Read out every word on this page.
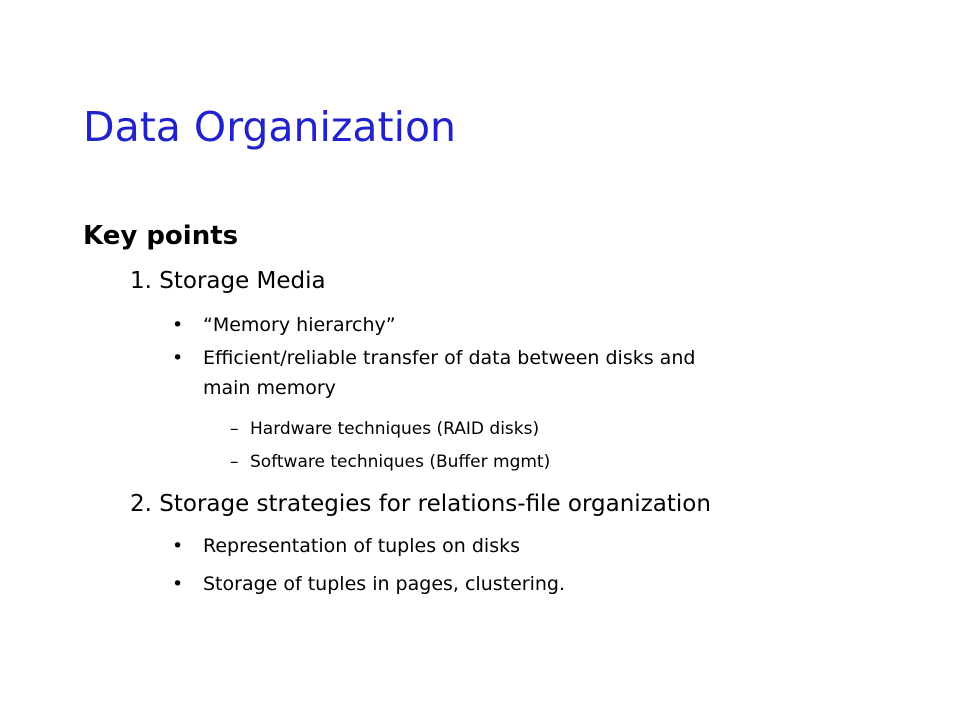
Data Organization
Key points
1. Storage Media
• “Memory hierarchy”
• Efficient/reliable transfer of data between disks and
main memory
– Hardware techniques (RAID disks)
– Software techniques (Buffer mgmt)
2. Storage strategies for relations-file organization
• Representation of tuples on disks
• Storage of tuples in pages, clustering.
